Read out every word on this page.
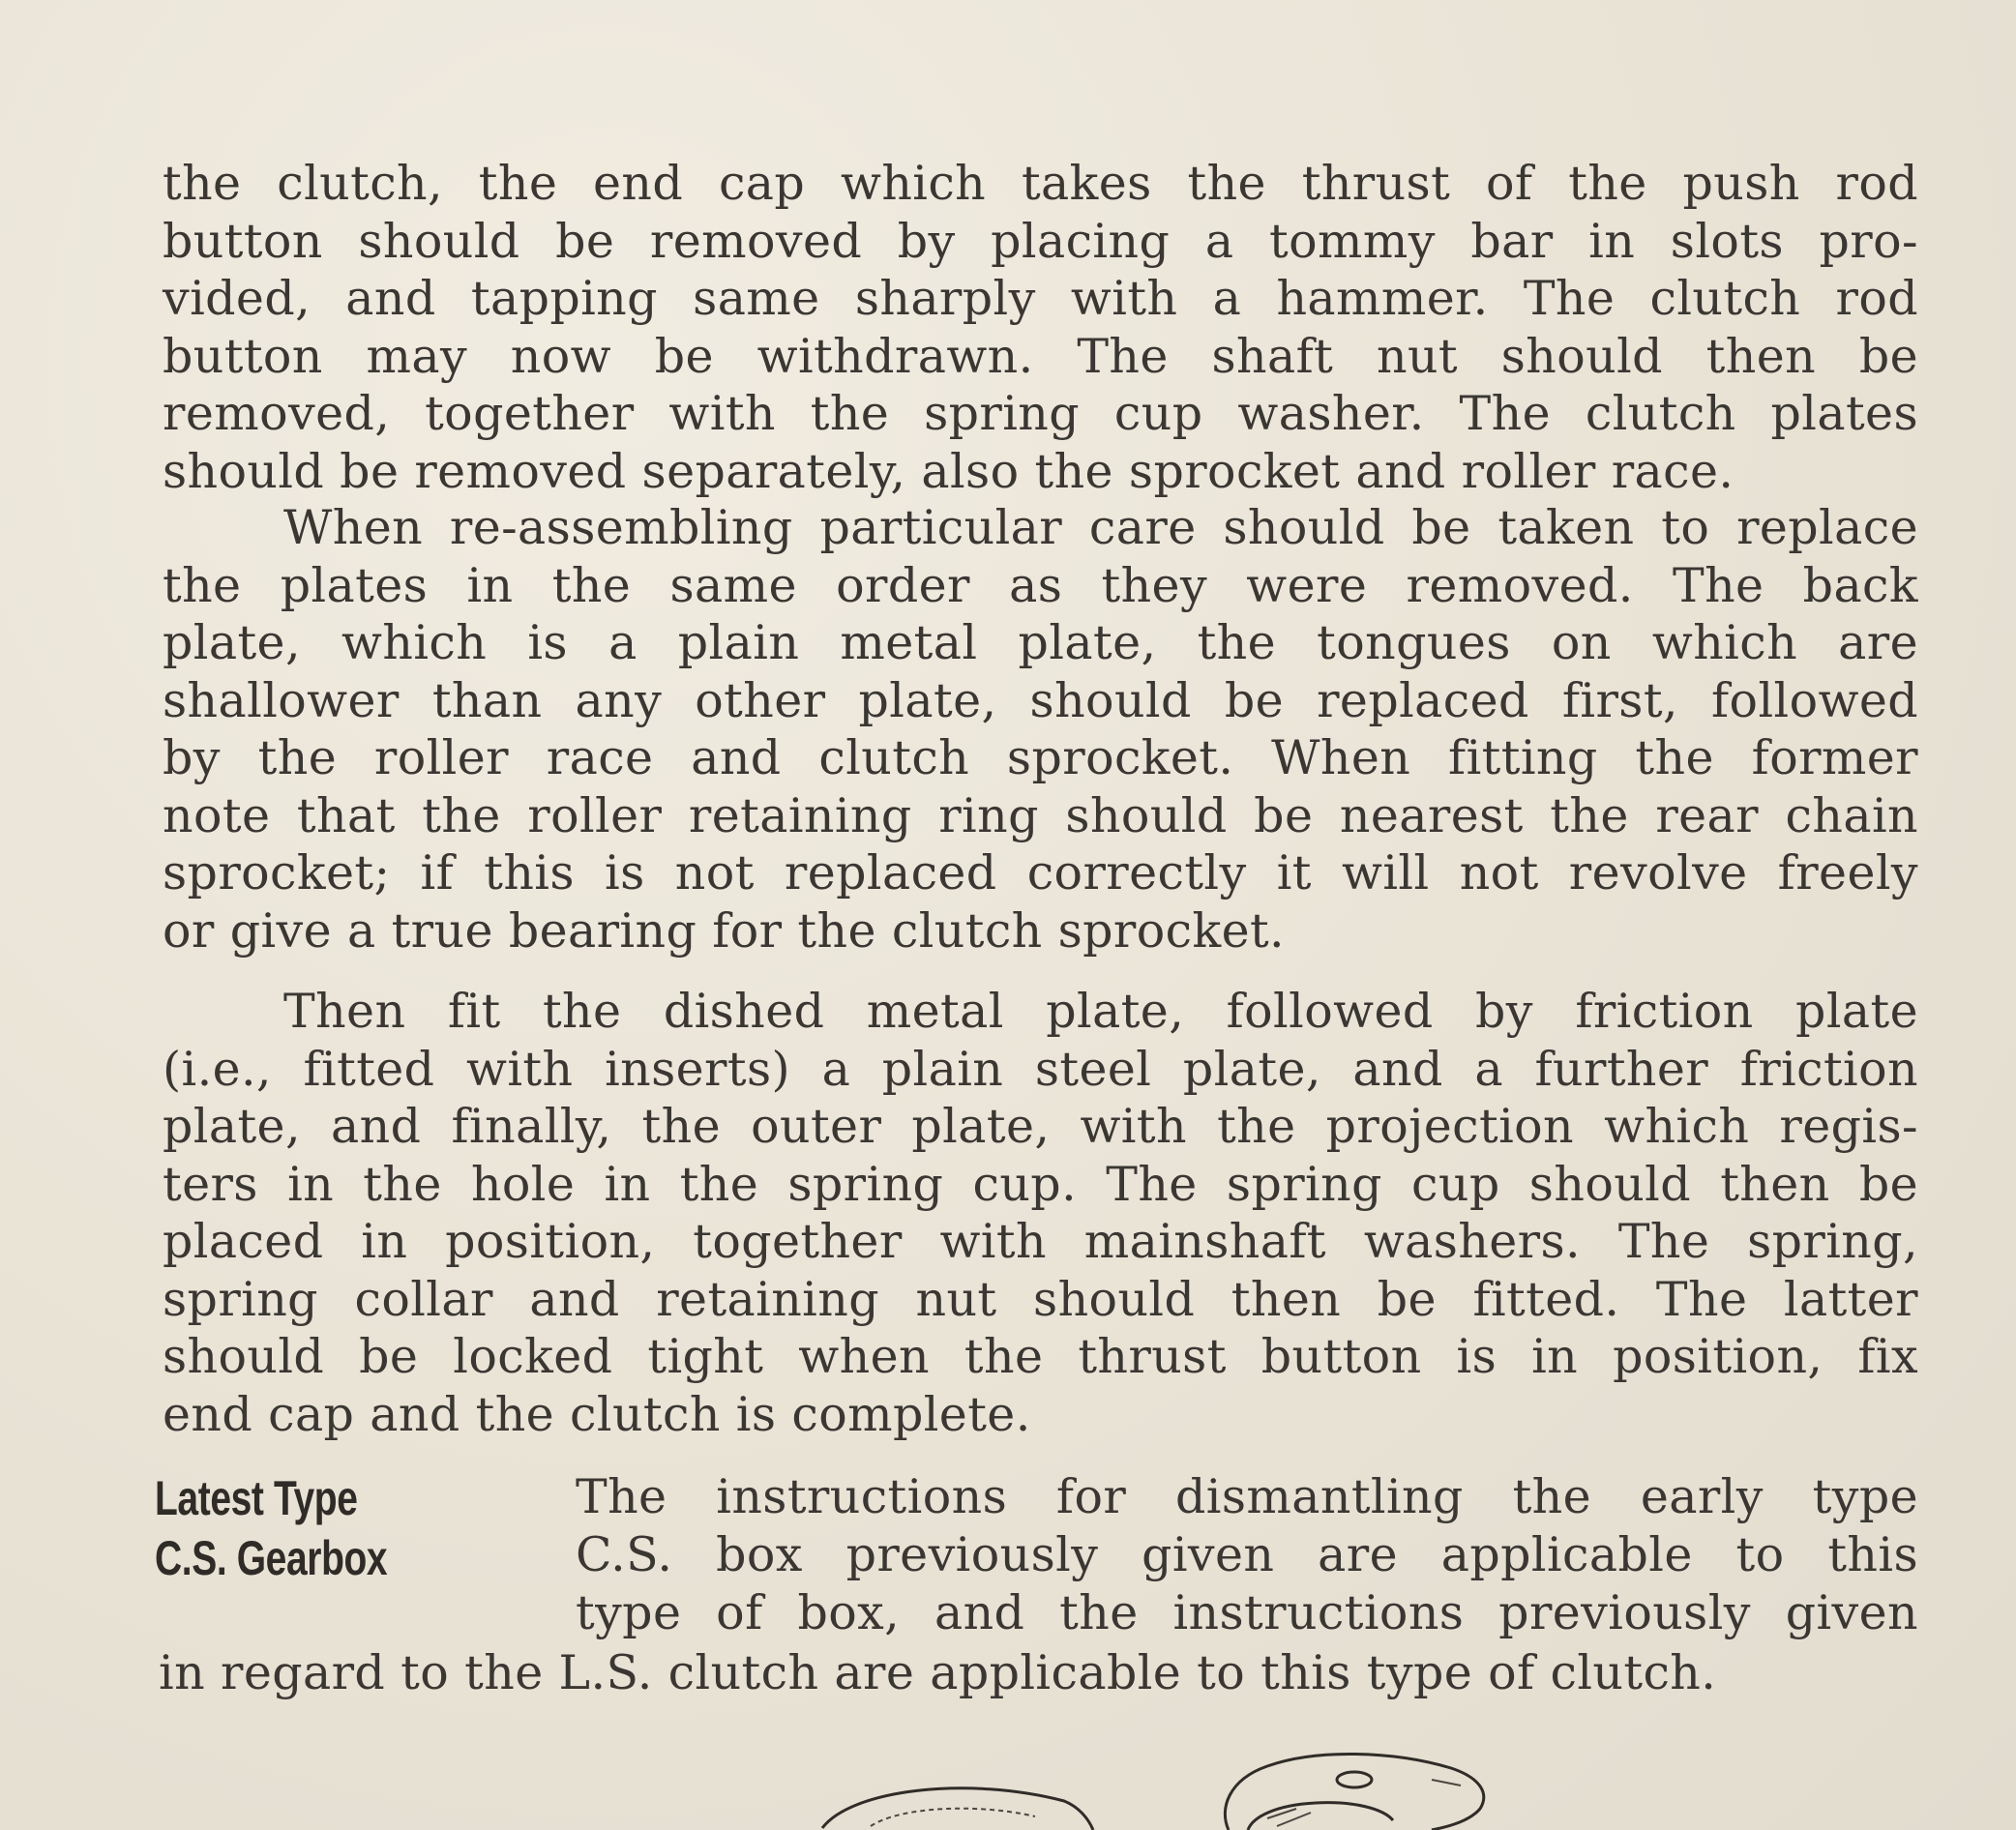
the clutch, the end cap which takes the thrust of the push rod
button should be removed by placing a tommy bar in slots pro-
vided, and tapping same sharply with a hammer. The clutch rod
button may now be withdrawn. The shaft nut should then be
removed, together with the spring cup washer. The clutch plates
should be removed separately, also the sprocket and roller race.
When re-assembling particular care should be taken to replace
the plates in the same order as they were removed. The back
plate, which is a plain metal plate, the tongues on which are
shallower than any other plate, should be replaced first, followed
by the roller race and clutch sprocket. When fitting the former
note that the roller retaining ring should be nearest the rear chain
sprocket; if this is not replaced correctly it will not revolve freely
or give a true bearing for the clutch sprocket.
Then fit the dished metal plate, followed by friction plate
(i.e., fitted with inserts) a plain steel plate, and a further friction
plate, and finally, the outer plate, with the projection which regis-
ters in the hole in the spring cup. The spring cup should then be
placed in position, together with mainshaft washers. The spring,
spring collar and retaining nut should then be fitted. The latter
should be locked tight when the thrust button is in position, fix
end cap and the clutch is complete.
Latest Type
C.S. Gearbox
The instructions for dismantling the early type
C.S. box previously given are applicable to this
type of box, and the instructions previously given
in regard to the L.S. clutch are applicable to this type of clutch.
